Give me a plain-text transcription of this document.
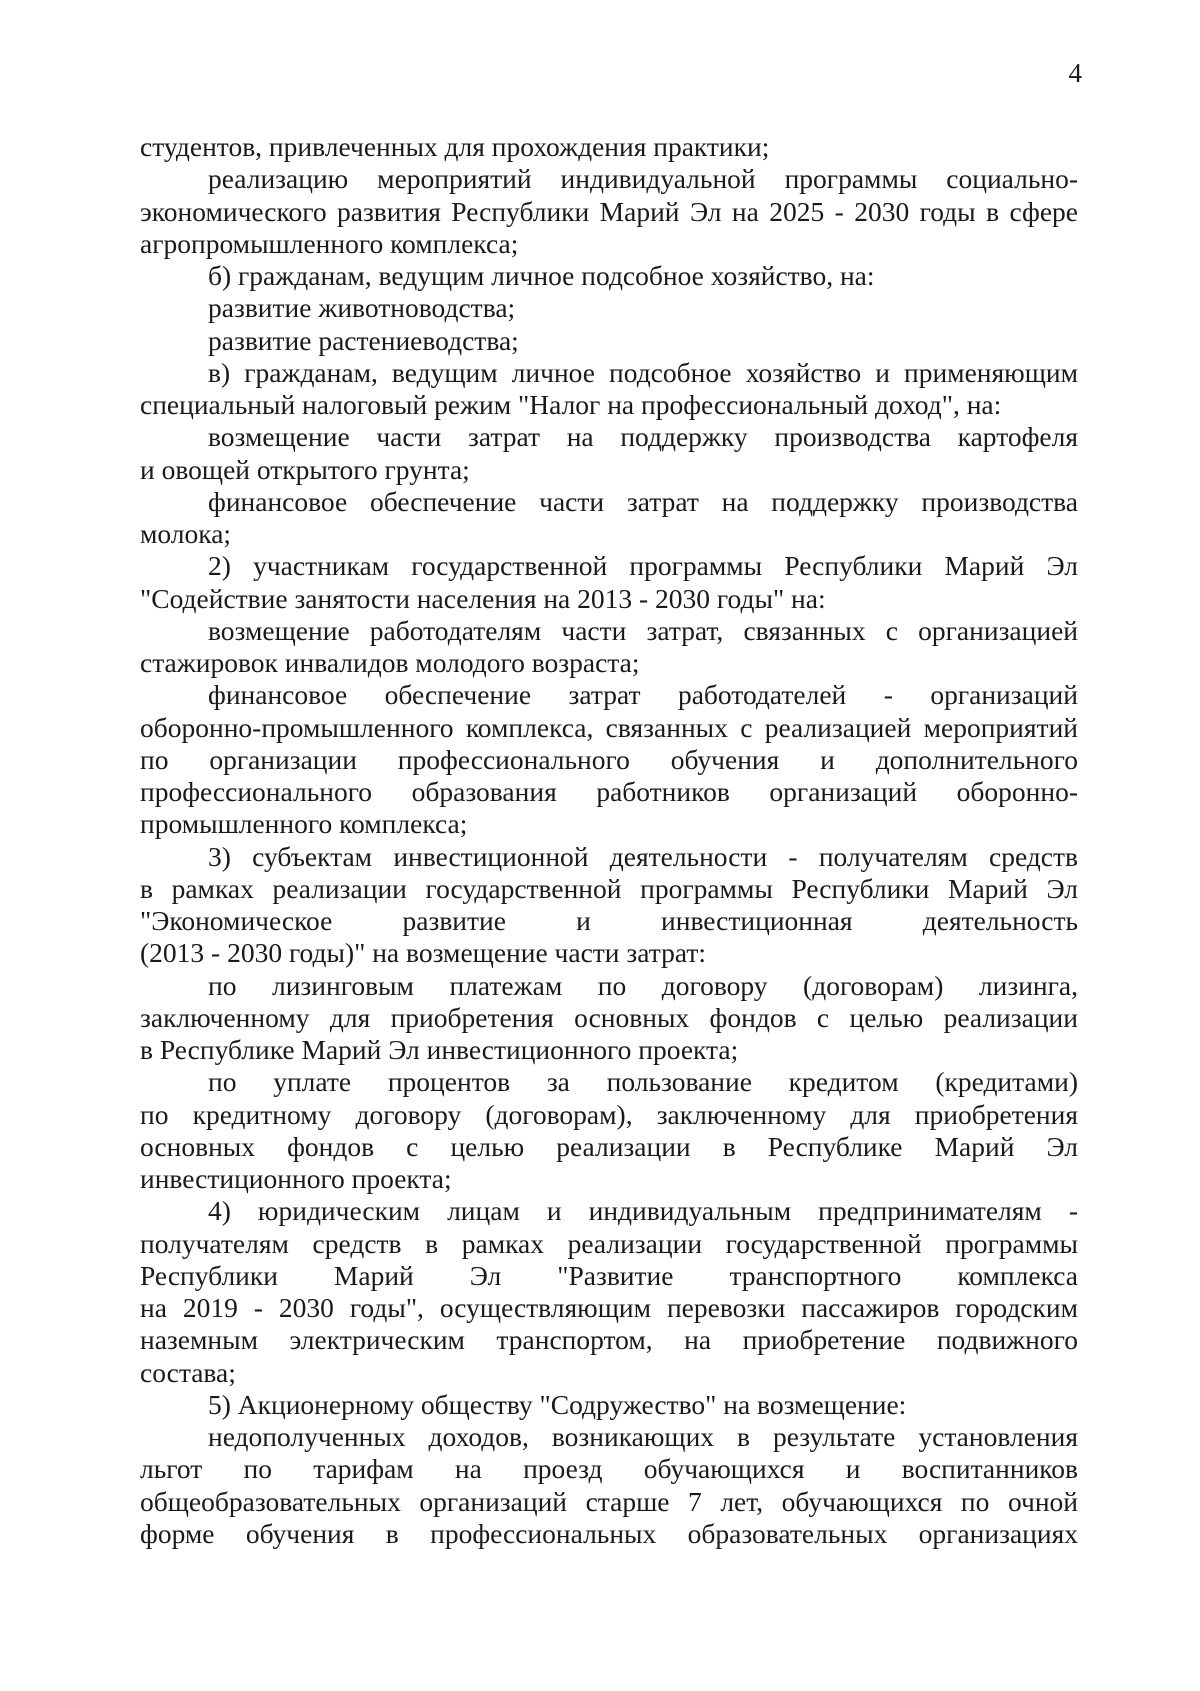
4
студентов, привлеченных для прохождения практики;
реализацию мероприятий индивидуальной программы социально-
экономического развития Республики Марий Эл на 2025 - 2030 годы в сфере
агропромышленного комплекса;
б) гражданам, ведущим личное подсобное хозяйство, на:
развитие животноводства;
развитие растениеводства;
в) гражданам, ведущим личное подсобное хозяйство и применяющим
специальный налоговый режим "Налог на профессиональный доход", на:
возмещение части затрат на поддержку производства картофеля
и овощей открытого грунта;
финансовое обеспечение части затрат на поддержку производства
молока;
2) участникам государственной программы Республики Марий Эл
"Содействие занятости населения на 2013 - 2030 годы" на:
возмещение работодателям части затрат, связанных с организацией
стажировок инвалидов молодого возраста;
финансовое обеспечение затрат работодателей - организаций
оборонно-промышленного комплекса, связанных с реализацией мероприятий
по организации профессионального обучения и дополнительного
профессионального образования работников организаций оборонно-
промышленного комплекса;
3) субъектам инвестиционной деятельности - получателям средств
в рамках реализации государственной программы Республики Марий Эл
"Экономическое развитие и инвестиционная деятельность
(2013 - 2030 годы)" на возмещение части затрат:
по лизинговым платежам по договору (договорам) лизинга,
заключенному для приобретения основных фондов с целью реализации
в Республике Марий Эл инвестиционного проекта;
по уплате процентов за пользование кредитом (кредитами)
по кредитному договору (договорам), заключенному для приобретения
основных фондов с целью реализации в Республике Марий Эл
инвестиционного проекта;
4) юридическим лицам и индивидуальным предпринимателям -
получателям средств в рамках реализации государственной программы
Республики Марий Эл "Развитие транспортного комплекса
на 2019 - 2030 годы", осуществляющим перевозки пассажиров городским
наземным электрическим транспортом, на приобретение подвижного
состава;
5) Акционерному обществу "Содружество" на возмещение:
недополученных доходов, возникающих в результате установления
льгот по тарифам на проезд обучающихся и воспитанников
общеобразовательных организаций старше 7 лет, обучающихся по очной
форме обучения в профессиональных образовательных организациях
